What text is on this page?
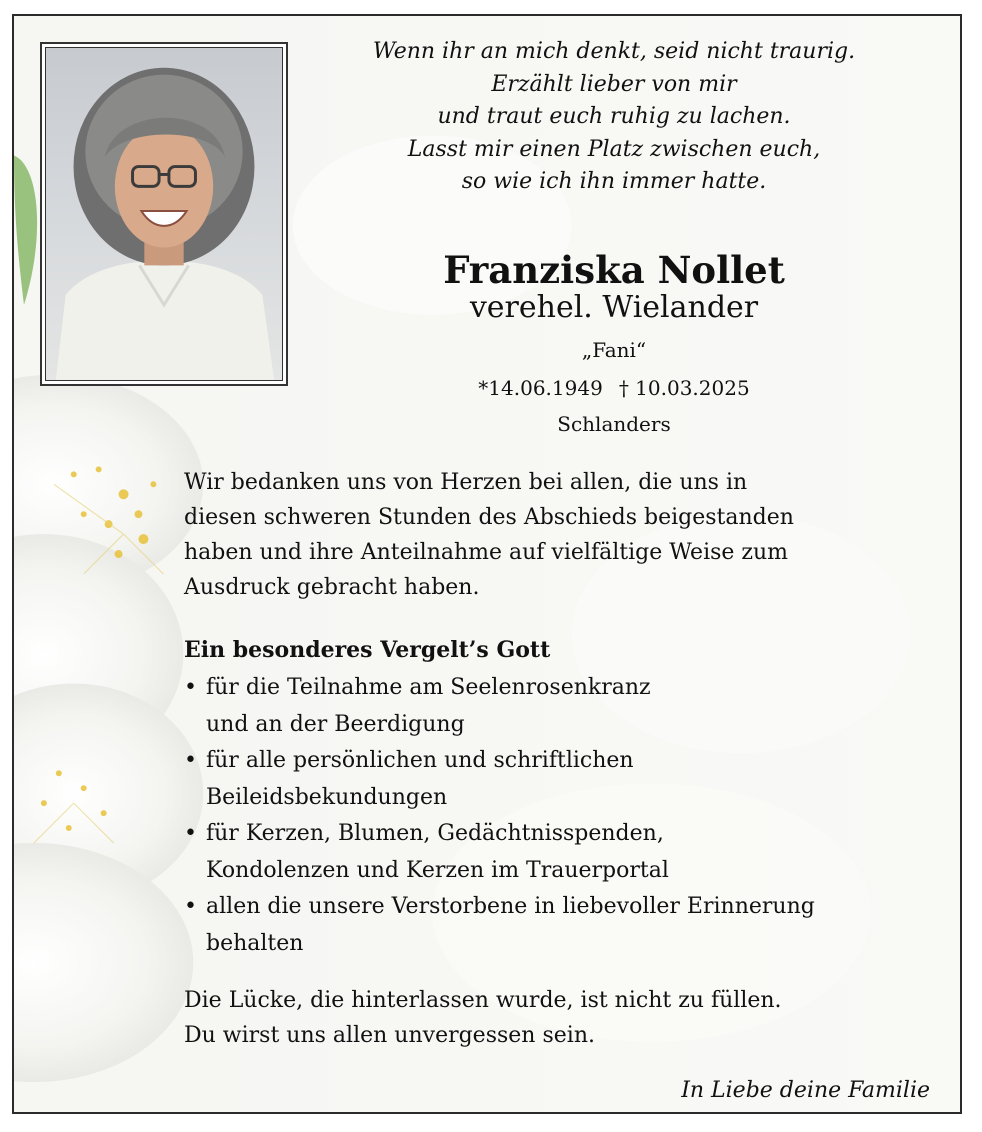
Wenn ihr an mich denkt, seid nicht traurig.
Erzählt lieber von mir
und traut euch ruhig zu lachen.
Lasst mir einen Platz zwischen euch,
so wie ich ihn immer hatte.
Franziska Nollet
verehel. Wielander
„Fani“
*14.06.1949 † 10.03.2025
Schlanders
Wir bedanken uns von Herzen bei allen, die uns in
diesen schweren Stunden des Abschieds beigestanden
haben und ihre Anteilnahme auf vielfältige Weise zum
Ausdruck gebracht haben.
Ein besonderes Vergelt’s Gott
• für die Teilnahme am Seelenrosenkranz
und an der Beerdigung
• für alle persönlichen und schriftlichen
Beileidsbekundungen
• für Kerzen, Blumen, Gedächtnisspenden,
Kondolenzen und Kerzen im Trauerportal
• allen die unsere Verstorbene in liebevoller Erinnerung
behalten
Die Lücke, die hinterlassen wurde, ist nicht zu füllen.
Du wirst uns allen unvergessen sein.
In Liebe deine Familie
